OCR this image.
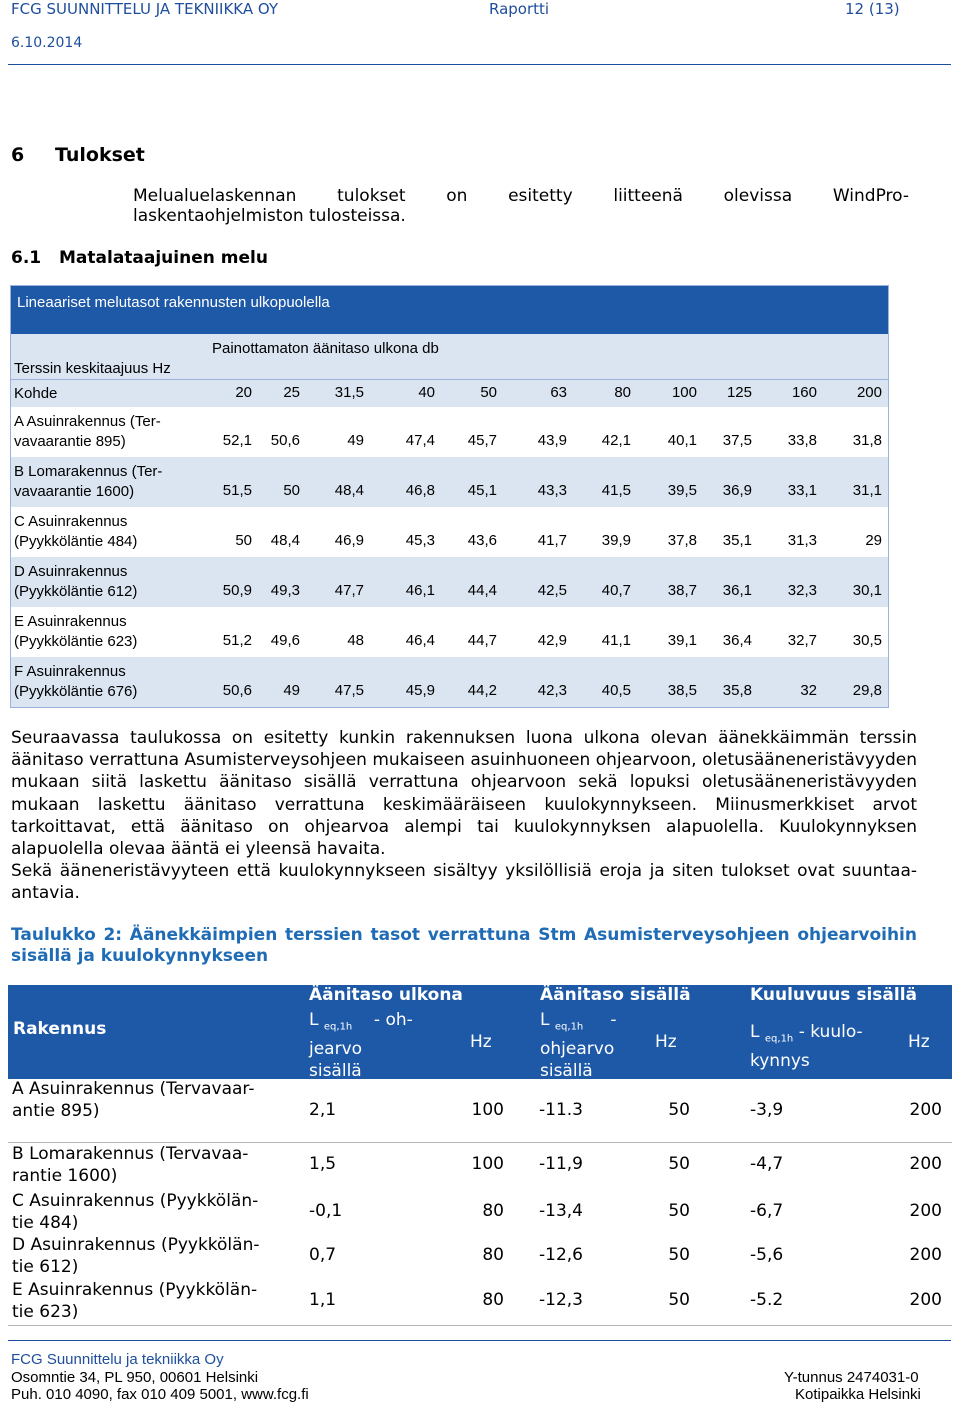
FCG SUUNNITTELU JA TEKNIIKKA OY	Raportti	12 (13)
6.10.2014
6 Tulokset
Melualuelaskennan tulokset on esitetty liitteenä olevissa WindPro-
laskentaohjelmiston tulosteissa.
6.1 Matalataajuinen melu
Lineaariset melutasot rakennusten ulkopuolella
Painottamaton äänitaso ulkona db
Terssin keskitaajuus Hz
Kohde	20 25 31,5	40	50	63	80	100 125	160	200
A Asuinrakennus (Ter-
vavaarantie 895)	52,1 50,6	49	47,4 45,7	43,9 42,1 40,1 37,5 33,8 31,8
B Lomarakennus (Ter-
vavaarantie 1600)	51,5 50 48,4	46,8 45,1	43,3 41,5 39,5 36,9 33,1 31,1
C Asuinrakennus
(Pyykköläntie 484)	50 48,4 46,9	45,3 43,6	41,7 39,9 37,8 35,1 31,3	29
D Asuinrakennus
(Pyykköläntie 612)	50,9 49,3 47,7	46,1 44,4	42,5 40,7 38,7 36,1 32,3 30,1
E Asuinrakennus
(Pyykköläntie 623)	51,2 49,6	48	46,4 44,7	42,9 41,1 39,1 36,4 32,7 30,5
F Asuinrakennus
(Pyykköläntie 676)	50,6 49 47,5	45,9 44,2	42,3 40,5 38,5 35,8	32 29,8

Seuraavassa taulukossa on esitetty kunkin rakennuksen luona ulkona olevan äänekkäimmän terssin äänitaso verrattuna Asumisterveysohjeen mukaiseen asuinhuoneen ohjearvoon, oletusääneneristävyyden mukaan siitä laskettu äänitaso sisällä verrattuna ohjearvoon sekä lopuksi oletusääneneristävyyden mukaan laskettu äänitaso verrattuna keskimääräiseen kuulokynnykseen. Miinusmerkkiset arvot tarkoittavat, että äänitaso on ohjearvoa alempi tai kuulokynnyksen alapuolella. Kuulokynnyksen alapuolella olevaa ääntä ei yleensä havaita.

Sekä ääneneristävyyteen että kuulokynnykseen sisältyy yksilöllisiä eroja ja siten tulokset ovat suuntaa-antavia.

Taulukko 2: Äänekkäimpien terssien tasot verrattuna Stm Asumisterveysohjeen ohjearvoihin sisällä ja kuulokynnykseen
Rakennus
Äänitaso ulkona	Äänitaso sisällä	Kuuluvuus sisällä
L $_{eq,1h}$ - oh-
jearvo
sisällä
Hz
L $_{eq,1h}$ -
ohjearvo
sisällä
Hz	L $_{eq,1h}$ - kuulo-
kynnys
Hz
A Asuinrakennus (Tervavaar-
antie 895)	2,1	100 -11.3	50	-3,9	200
B Lomarakennus (Tervavaa-
rantie 1600)
1,5	100 -11,9	50	-4,7	200
C Asuinrakennus (Pyykkölän-
tie 484)
-0,1	80 -13,4	50	-6,7	200
D Asuinrakennus (Pyykkölän-
tie 612)
0,7	80 -12,6	50	-5,6	200
E Asuinrakennus (Pyykkölän-
tie 623)
1,1	80 -12,3	50	-5.2	200
FCG Suunnittelu ja tekniikka Oy
Osomntie 34, PL 950, 00601 Helsinki
Puh. 010 4090, fax 010 409 5001, www.fcg.fi
Y-tunnus 2474031-0
Kotipaikka Helsinki
